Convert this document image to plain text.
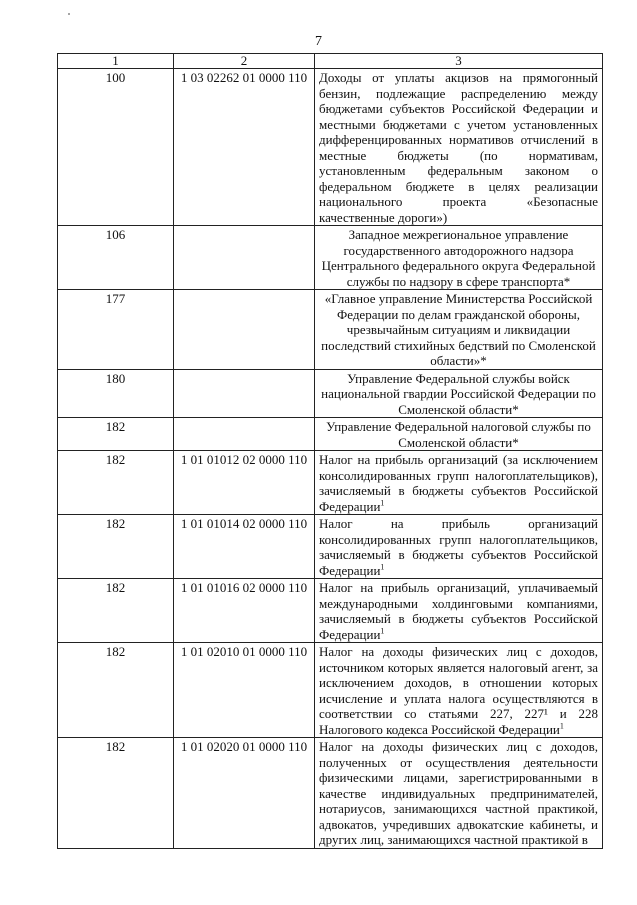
7
1	2	3
100	1 03 02262 01 0000 110	Доходы от уплаты акцизов на прямогонный бензин, подлежащие распределению между бюджетами субъектов Российской Федерации и местными бюджетами с учетом установленных дифференцированных нормативов отчислений в местные бюджеты (по нормативам, установленным федеральным законом о федеральном бюджете в целях реализации национального проекта «Безопасные качественные дороги»)
106		Западное межрегиональное управление государственного автодорожного надзора Центрального федерального округа Федеральной службы по надзору в сфере транспорта*
177		«Главное управление Министерства Российской Федерации по делам гражданской обороны, чрезвычайным ситуациям и ликвидации последствий стихийных бедствий по Смоленской области»*
180		Управление Федеральной службы войск национальной гвардии Российской Федерации по Смоленской области*
182		Управление Федеральной налоговой службы по Смоленской области*
182	1 01 01012 02 0000 110	Налог на прибыль организаций (за исключением консолидированных групп налогоплательщиков), зачисляемый в бюджеты субъектов Российской Федерации$^1$
182	1 01 01014 02 0000 110	Налог на прибыль организаций консолидированных групп налогоплательщиков, зачисляемый в бюджеты субъектов Российской Федерации$^1$
182	1 01 01016 02 0000 110	Налог на прибыль организаций, уплачиваемый международными холдинговыми компаниями, зачисляемый в бюджеты субъектов Российской Федерации$^1$
182	1 01 02010 01 0000 110	Налог на доходы физических лиц с доходов, источником которых является налоговый агент, за исключением доходов, в отношении которых исчисление и уплата налога осуществляются в соответствии со статьями 227, 227¹ и 228 Налогового кодекса Российской Федерации$^1$
182	1 01 02020 01 0000 110	Налог на доходы физических лиц с доходов, полученных от осуществления деятельности физическими лицами, зарегистрированными в качестве индивидуальных предпринимателей, нотариусов, занимающихся частной практикой, адвокатов, учредивших адвокатские кабинеты, и других лиц, занимающихся частной практикой в
